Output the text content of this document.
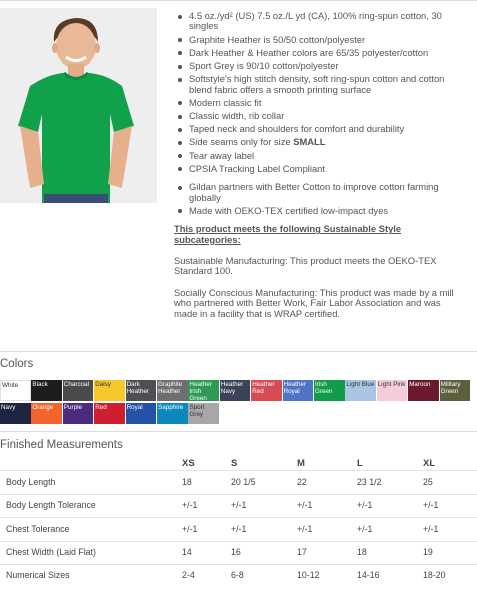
4.5 oz./yd² (US) 7.5 oz./L yd (CA), 100% ring-spun cotton, 30 singles
Graphite Heather is 50/50 cotton/polyester
Dark Heather & Heather colors are 65/35 polyester/cotton
Sport Grey is 90/10 cotton/polyester
Softstyle's high stitch density, soft ring-spun cotton and cotton blend fabric offers a smooth printing surface
Modern classic fit
Classic width, rib collar
Taped neck and shoulders for comfort and durability
Side seams only for size SMALL
Tear away label
CPSIA Tracking Label Compliant
Gildan partners with Better Cotton to improve cotton farming globally
Made with OEKO-TEX certified low-impact dyes
This product meets the following Sustainable Style subcategories:
Sustainable Manufacturing: This product meets the OEKO-TEX Standard 100.
Socially Conscious Manufacturing: This product was made by a mill who partnered with Better Work, Fair Labor Association and was made in a facility that is WRAP certified.
Colors
White	Black	Charcoal Daisy	Dark Heather
Graphite Heather
Heather Irish Green
Heather Navy
Heather Red
Heather Royal
Irish Green
Light Blue Light Pink Maroon	Military Green
Navy	Orange	Purple	Red	Royal	Sapphire Sport Grey
Finished Measurements
XS	S	M	L	XL
Body Length	18	20 1/5	22	23 1/2	25
Body Length Tolerance	+/-1	+/-1	+/-1	+/-1	+/-1
Chest Tolerance	+/-1	+/-1	+/-1	+/-1	+/-1
Chest Width (Laid Flat)	14	16	17	18	19
Numerical Sizes	2-4	6-8	10-12	14-16	18-20
